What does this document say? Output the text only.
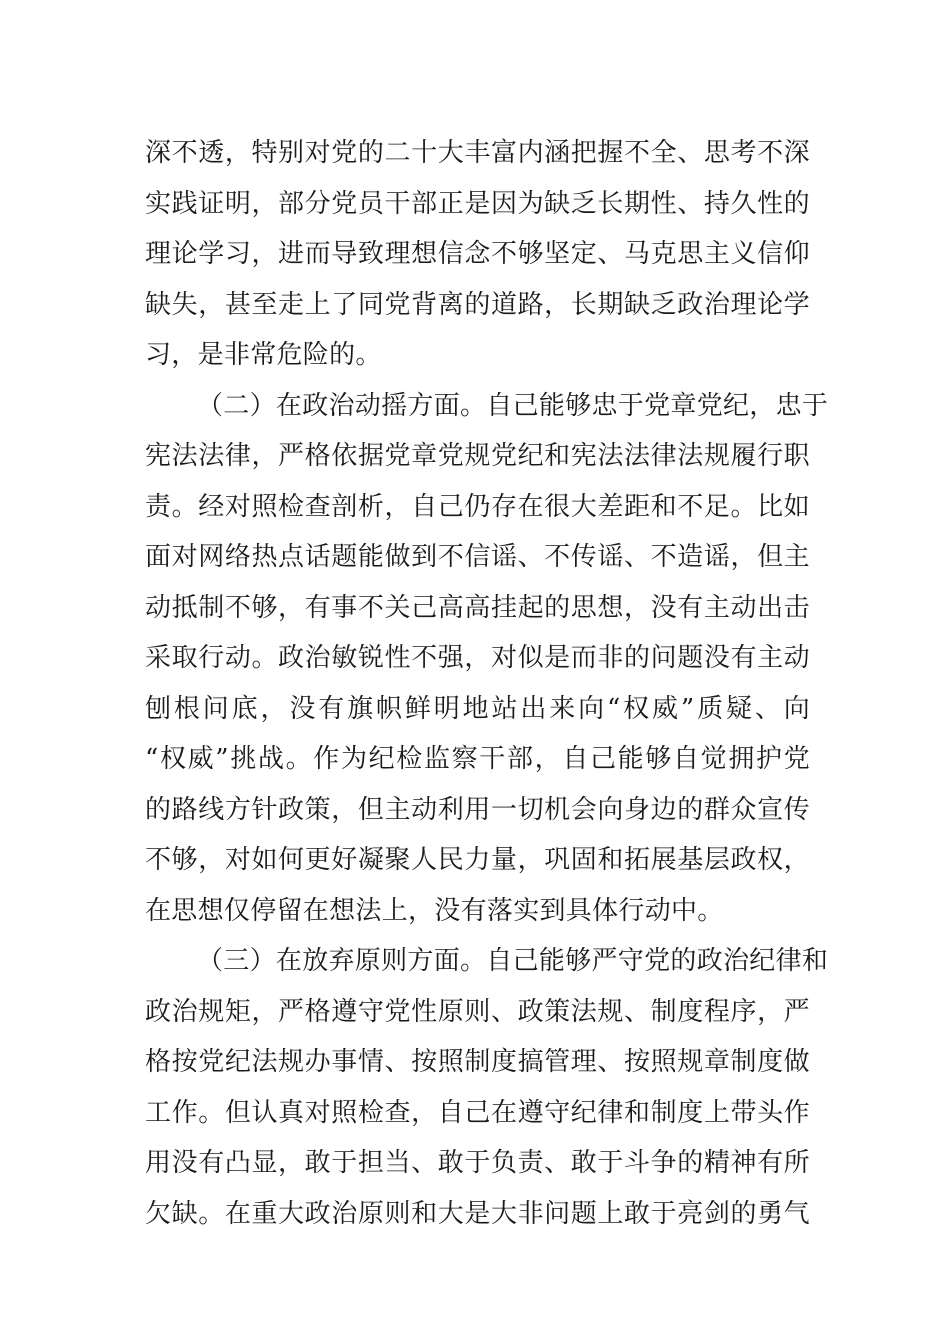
深不透，特别对党的二十大丰富内涵把握不全、思考不深
实践证明，部分党员干部正是因为缺乏长期性、持久性的
理论学习，进而导致理想信念不够坚定、马克思主义信仰
缺失，甚至走上了同党背离的道路，长期缺乏政治理论学
习，是非常危险的。
（二）在政治动摇方面。自己能够忠于党章党纪，忠于
宪法法律，严格依据党章党规党纪和宪法法律法规履行职
责。经对照检查剖析，自己仍存在很大差距和不足。比如
面对网络热点话题能做到不信谣、不传谣、不造谣，但主
动抵制不够，有事不关己高高挂起的思想，没有主动出击
采取行动。政治敏锐性不强，对似是而非的问题没有主动
刨根问底，没有旗帜鲜明地站出来向“权威”质疑、向
“权威”挑战。作为纪检监察干部，自己能够自觉拥护党
的路线方针政策，但主动利用一切机会向身边的群众宣传
不够，对如何更好凝聚人民力量，巩固和拓展基层政权，
在思想仅停留在想法上，没有落实到具体行动中。
（三）在放弃原则方面。自己能够严守党的政治纪律和
政治规矩，严格遵守党性原则、政策法规、制度程序，严
格按党纪法规办事情、按照制度搞管理、按照规章制度做
工作。但认真对照检查，自己在遵守纪律和制度上带头作
用没有凸显，敢于担当、敢于负责、敢于斗争的精神有所
欠缺。在重大政治原则和大是大非问题上敢于亮剑的勇气
